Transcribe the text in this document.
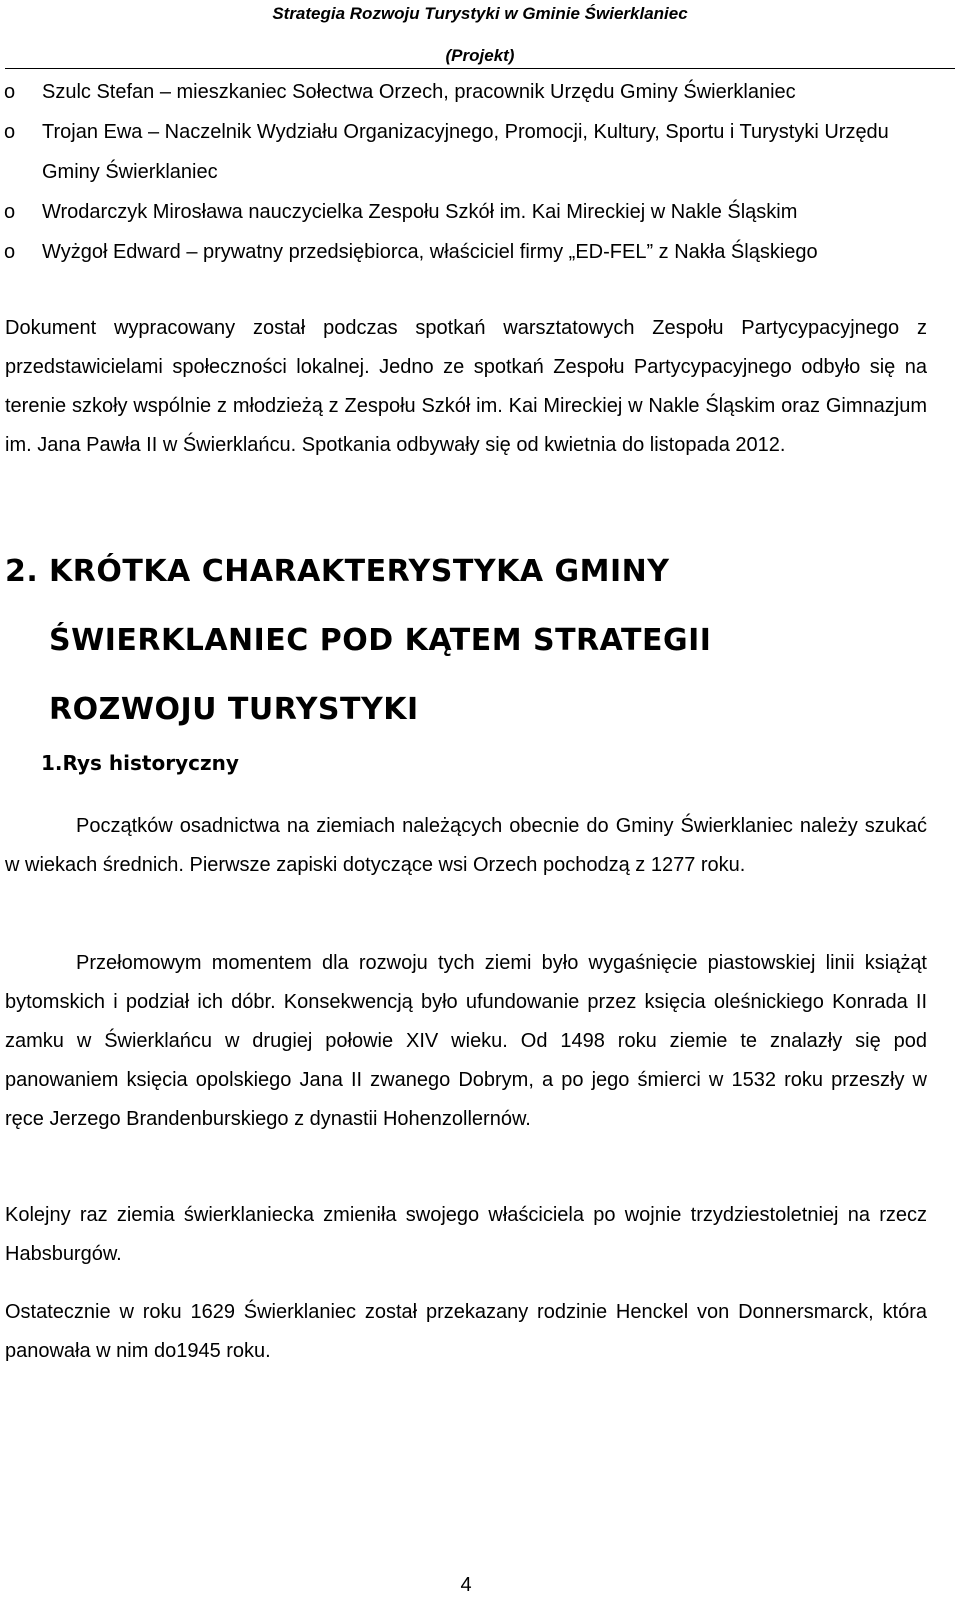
Strategia Rozwoju Turystyki w Gminie Świerklaniec
(Projekt)
o Szulc Stefan – mieszkaniec Sołectwa Orzech, pracownik Urzędu Gminy Świerklaniec
o Trojan Ewa – Naczelnik Wydziału Organizacyjnego, Promocji, Kultury, Sportu i Turystyki Urzędu Gminy Świerklaniec
o Wrodarczyk Mirosława nauczycielka Zespołu Szkół im. Kai Mireckiej w Nakle Śląskim
o Wyżgoł Edward – prywatny przedsiębiorca, właściciel firmy „ED-FEL” z Nakła Śląskiego

Dokument wypracowany został podczas spotkań warsztatowych Zespołu Partycypacyjnego z przedstawicielami społeczności lokalnej. Jedno ze spotkań Zespołu Partycypacyjnego odbyło się na terenie szkoły wspólnie z młodzieżą z Zespołu Szkół im. Kai Mireckiej w Nakle Śląskim oraz Gimnazjum im. Jana Pawła II w Świerklańcu. Spotkania odbywały się od kwietnia do listopada 2012.

2. KRÓTKA CHARAKTERYSTYKA GMINY
ŚWIERKLANIEC POD KĄTEM STRATEGII
ROZWOJU TURYSTYKI
1.Rys historyczny

Początków osadnictwa na ziemiach należących obecnie do Gminy Świerklaniec należy szukać w wiekach średnich. Pierwsze zapiski dotyczące wsi Orzech pochodzą z 1277 roku.

Przełomowym momentem dla rozwoju tych ziemi było wygaśnięcie piastowskiej linii książąt bytomskich i podział ich dóbr. Konsekwencją było ufundowanie przez księcia oleśnickiego Konrada II zamku w Świerklańcu w drugiej połowie XIV wieku. Od 1498 roku ziemie te znalazły się pod panowaniem księcia opolskiego Jana II zwanego Dobrym, a po jego śmierci w 1532 roku przeszły w ręce Jerzego Brandenburskiego z dynastii Hohenzollernów.

Kolejny raz ziemia świerklaniecka zmieniła swojego właściciela po wojnie trzydziestoletniej na rzecz Habsburgów.

Ostatecznie w roku 1629 Świerklaniec został przekazany rodzinie Henckel von Donnersmarck, która panowała w nim do1945 roku.

4
